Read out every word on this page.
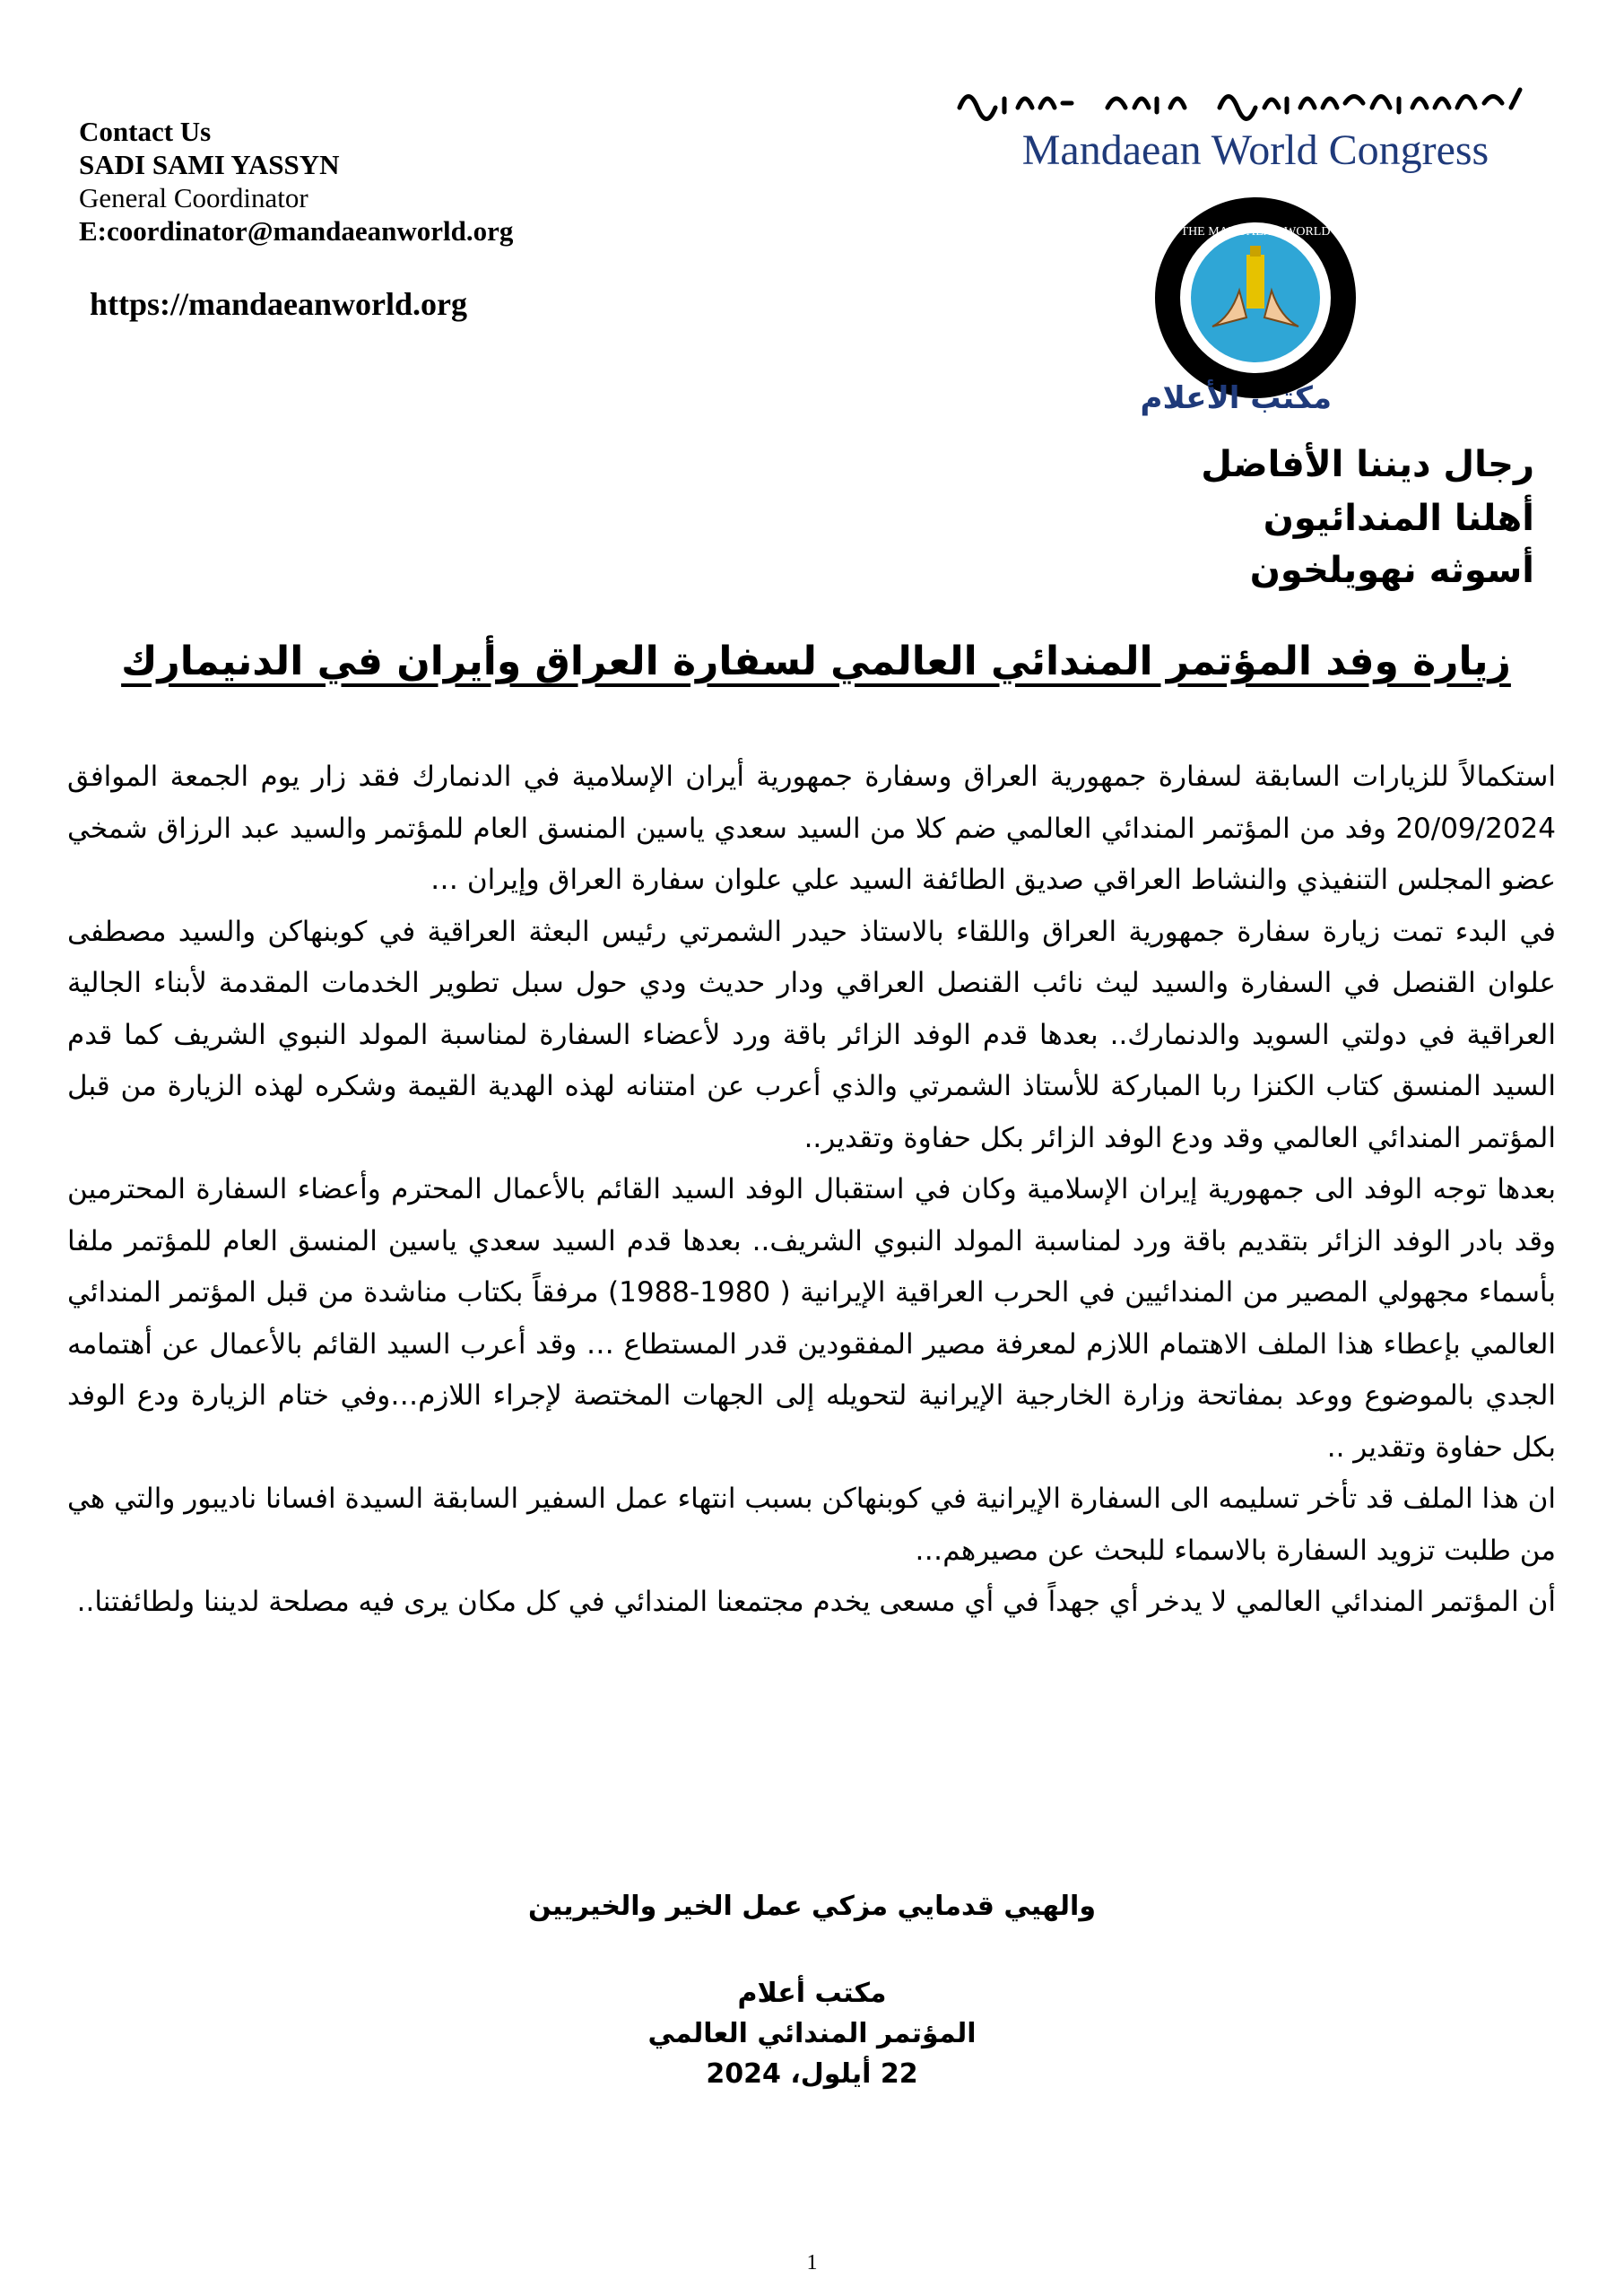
Contact Us
SADI SAMI YASSYN
General Coordinator
E:coordinator@mandaeanworld.org
https://mandaeanworld.org
Mandaean World Congress
THE MANDAEAN WORLD
مكتب الأعلام
رجال ديننا الأفاضل
أهلنا المندائيون
أسوثه نهويلخون
زيارة وفد المؤتمر المندائي العالمي لسفارة العراق وأيران في الدنيمارك

استكمالاً للزيارات السابقة لسفارة جمهورية العراق وسفارة جمهورية أيران الإسلامية في الدنمارك فقد زار يوم الجمعة الموافق 20/09/2024 وفد من المؤتمر المندائي العالمي ضم كلا من السيد سعدي ياسين المنسق العام للمؤتمر والسيد عبد الرزاق شمخي عضو المجلس التنفيذي والنشاط العراقي صديق الطائفة السيد علي علوان سفارة العراق وإيران …

في البدء تمت زيارة سفارة جمهورية العراق واللقاء بالاستاذ حيدر الشمرتي رئيس البعثة العراقية في كوبنهاكن والسيد مصطفى علوان القنصل في السفارة والسيد ليث نائب القنصل العراقي ودار حديث ودي حول سبل تطوير الخدمات المقدمة لأبناء الجالية العراقية في دولتي السويد والدنمارك.. بعدها قدم الوفد الزائر باقة ورد لأعضاء السفارة لمناسبة المولد النبوي الشريف كما قدم السيد المنسق كتاب الكنزا ربا المباركة للأستاذ الشمرتي والذي أعرب عن امتنانه لهذه الهدية القيمة وشكره لهذه الزيارة من قبل المؤتمر المندائي العالمي وقد ودع الوفد الزائر بكل حفاوة وتقدير..

بعدها توجه الوفد الى جمهورية إيران الإسلامية وكان في استقبال الوفد السيد القائم بالأعمال المحترم وأعضاء السفارة المحترمين وقد بادر الوفد الزائر بتقديم باقة ورد لمناسبة المولد النبوي الشريف.. بعدها قدم السيد سعدي ياسين المنسق العام للمؤتمر ملفا بأسماء مجهولي المصير من المندائيين في الحرب العراقية الإيرانية ( 1980-1988) مرفقاً بكتاب مناشدة من قبل المؤتمر المندائي العالمي بإعطاء هذا الملف الاهتمام اللازم لمعرفة مصير المفقودين قدر المستطاع … وقد أعرب السيد القائم بالأعمال عن أهتمامه الجدي بالموضوع ووعد بمفاتحة وزارة الخارجية الإيرانية لتحويله إلى الجهات المختصة لإجراء اللازم…وفي ختام الزيارة ودع الوفد بكل حفاوة وتقدير ..

ان هذا الملف قد تأخر تسليمه الى السفارة الإيرانية في كوبنهاكن بسبب انتهاء عمل السفير السابقة السيدة افسانا ناديبور والتي هي من طلبت تزويد السفارة بالاسماء للبحث عن مصيرهم…

أن المؤتمر المندائي العالمي لا يدخر أي جهداً في أي مسعى يخدم مجتمعنا المندائي في كل مكان يرى فيه مصلحة لديننا ولطائفتنا..

والهيي قدمايي مزكي عمل الخير والخيريين
مكتب أعلام
المؤتمر المندائي العالمي
22 أيلول، 2024
1
